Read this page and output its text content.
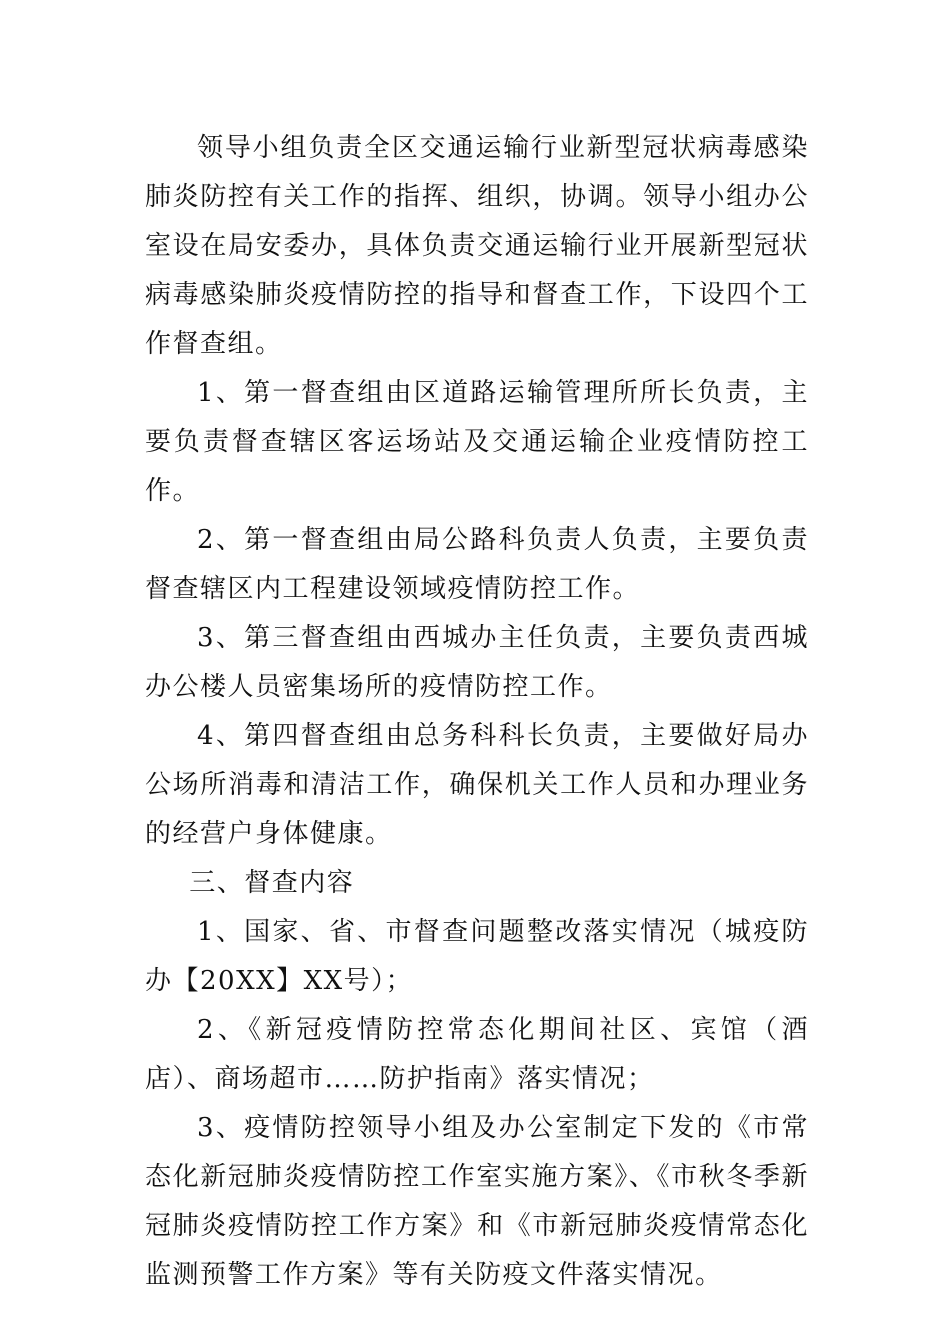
领导小组负责全区交通运输行业新型冠状病毒感染肺炎防控有关工作的指挥、组织，协调。领导小组办公室设在局安委办，具体负责交通运输行业开展新型冠状病毒感染肺炎疫情防控的指导和督查工作，下设四个工作督查组。

1、第一督查组由区道路运输管理所所长负责，主要负责督查辖区客运场站及交通运输企业疫情防控工作。

2、第一督查组由局公路科负责人负责，主要负责督查辖区内工程建设领域疫情防控工作。

3、第三督查组由西城办主任负责，主要负责西城办公楼人员密集场所的疫情防控工作。

4、第四督查组由总务科科长负责，主要做好局办公场所消毒和清洁工作，确保机关工作人员和办理业务的经营户身体健康。

三、督查内容

1、国家、省、市督查问题整改落实情况（城疫防办【20XX】XX号）；

2、《新冠疫情防控常态化期间社区、宾馆（酒店）、商场超市……防护指南》落实情况；

3、疫情防控领导小组及办公室制定下发的《市常态化新冠肺炎疫情防控工作室实施方案》、《市秋冬季新冠肺炎疫情防控工作方案》和《市新冠肺炎疫情常态化监测预警工作方案》等有关防疫文件落实情况。
